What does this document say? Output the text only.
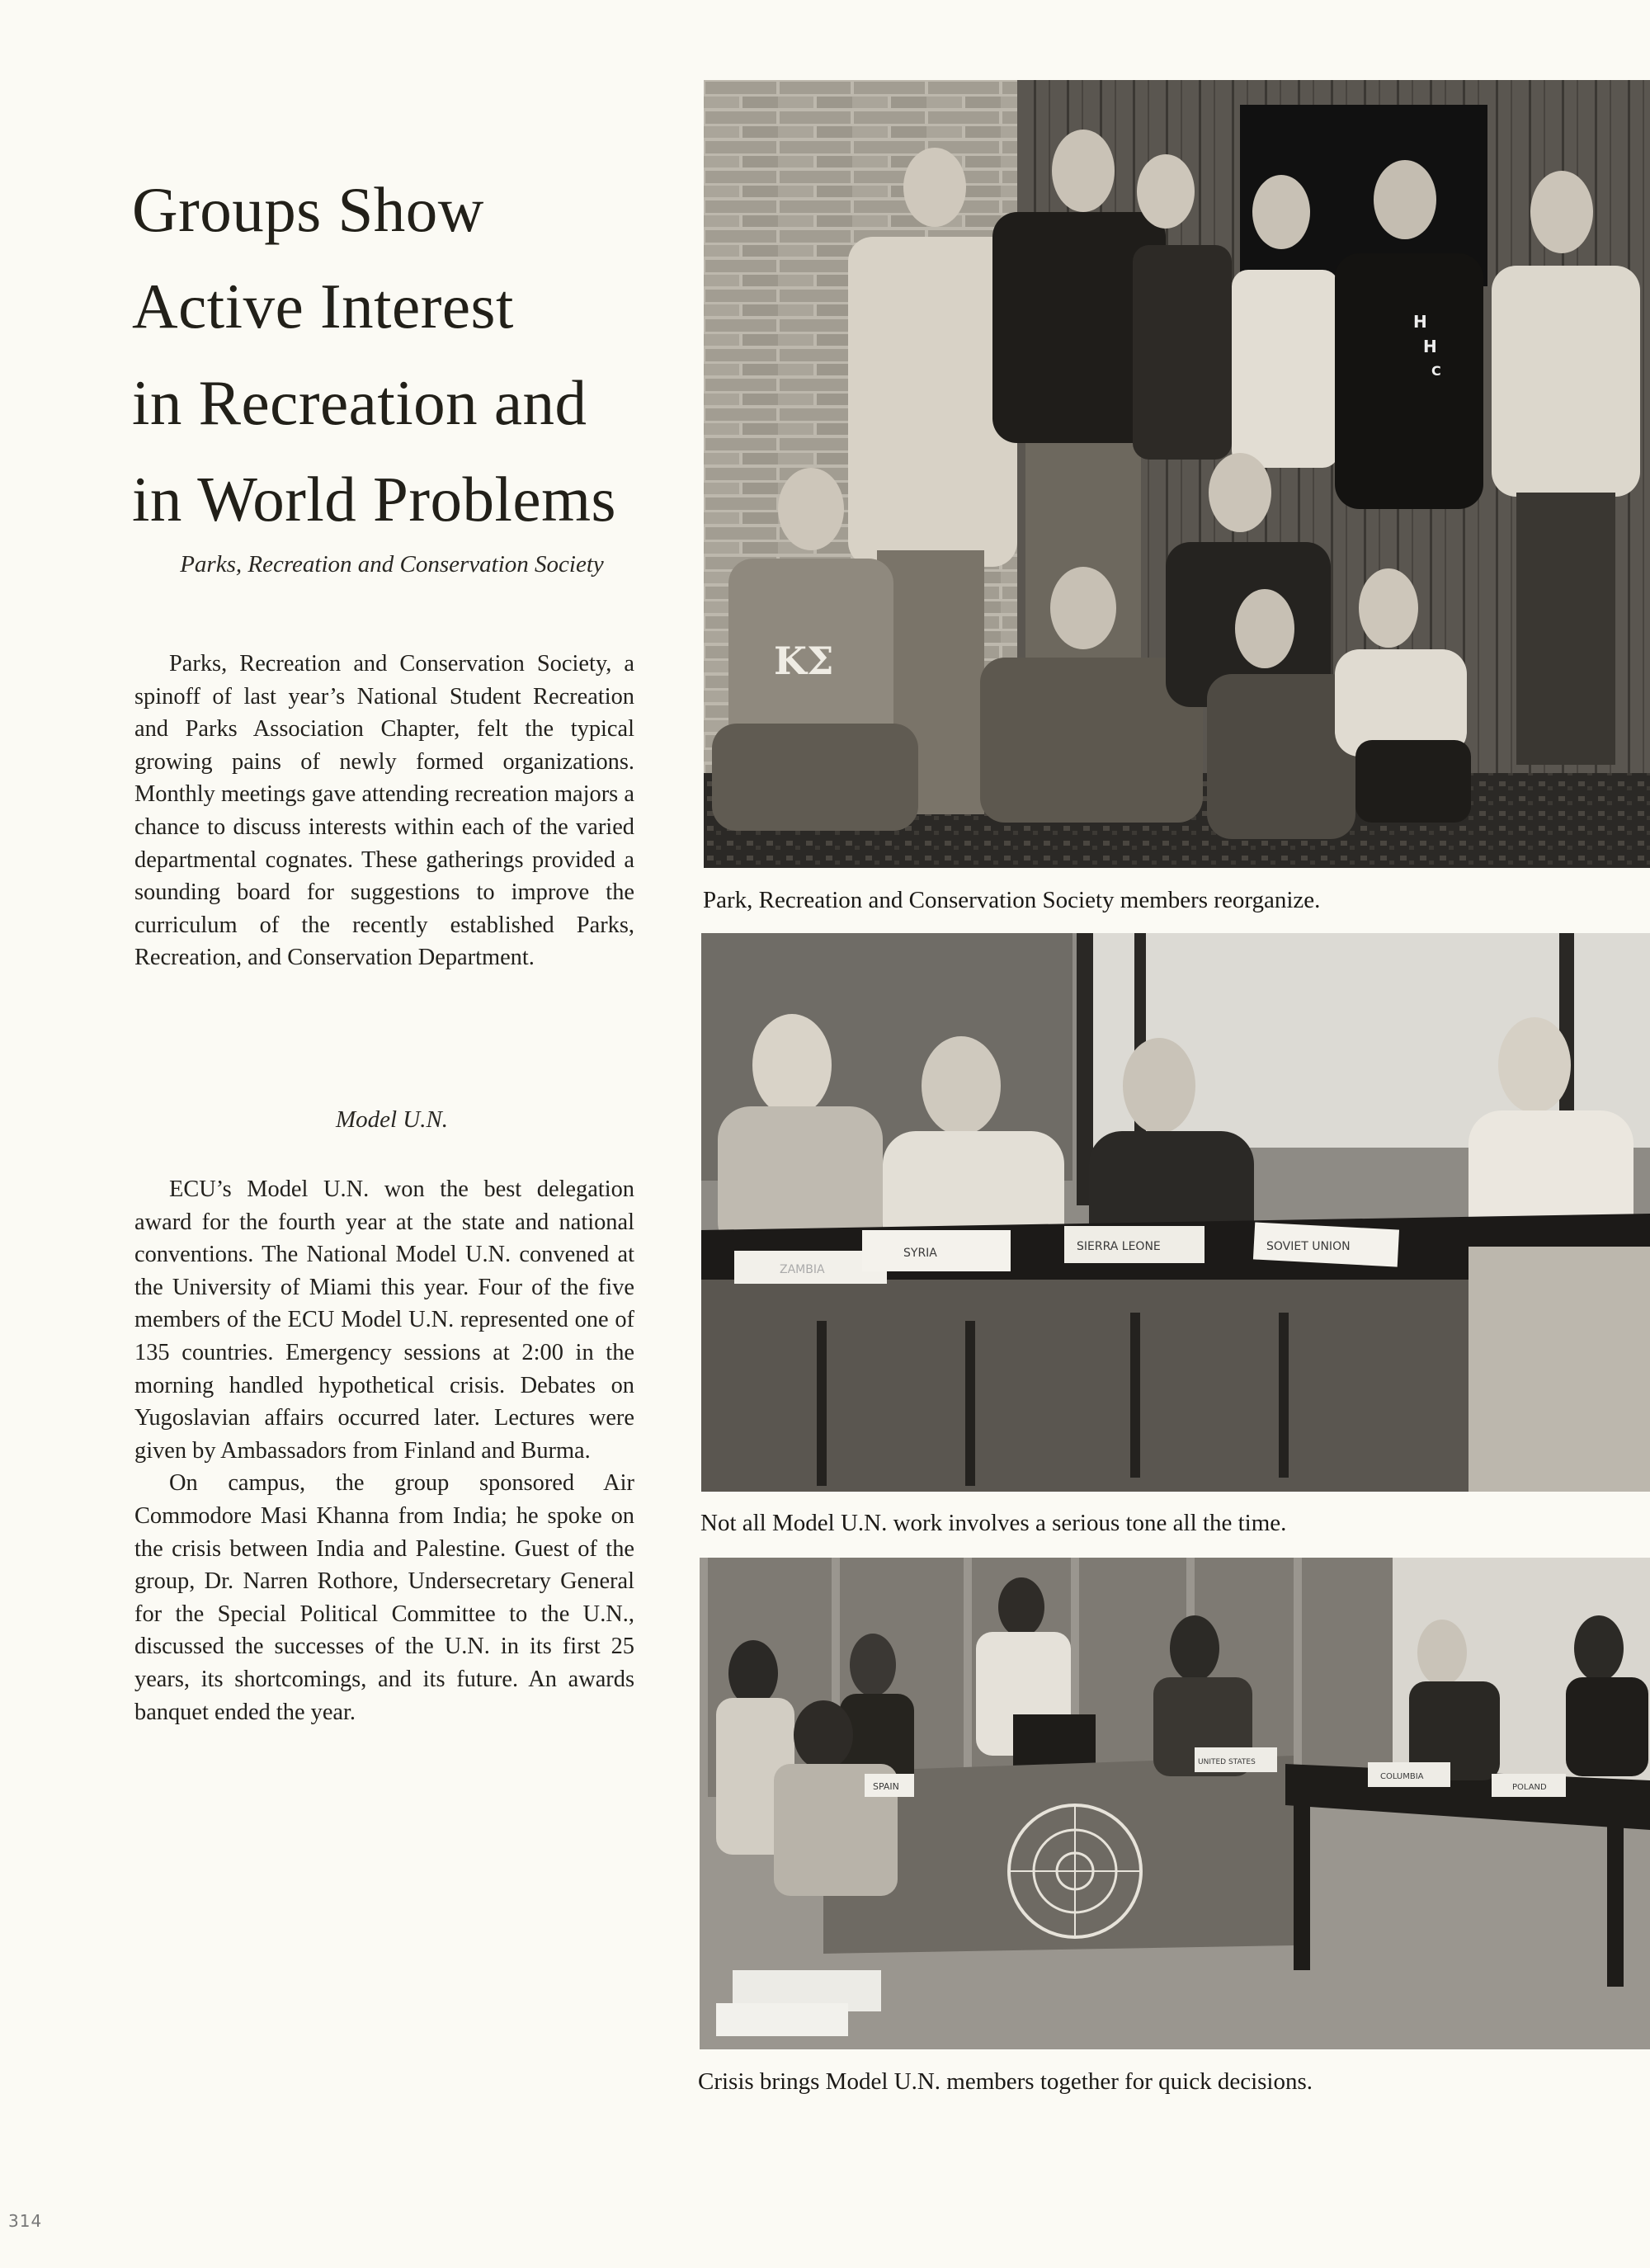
Groups Show
Active Interest
in Recreation and
in World Problems
Parks, Recreation and Conservation Society

Parks, Recreation and Conservation Society, a spinoff of last year’s National Student Recreation and Parks Association Chapter, felt the typical growing pains of newly formed organizations. Monthly meetings gave attending recreation majors a chance to discuss interests within each of the varied departmental cognates. These gatherings provided a sounding board for suggestions to improve the curriculum of the recently established Parks, Recreation, and Conservation Department.

Model U.N.

ECU’s Model U.N. won the best delegation award for the fourth year at the state and national conventions. The National Model U.N. convened at the University of Miami this year. Four of the five members of the ECU Model U.N. represented one of 135 countries. Emergency sessions at 2:00 in the morning handled hypothetical crisis. Debates on Yugoslavian affairs occurred later. Lectures were given by Ambassadors from Finland and Burma.

On campus, the group sponsored Air Commodore Masi Khanna from India; he spoke on the crisis between India and Palestine. Guest of the group, Dr. Narren Rothore, Undersecretary General for the Special Political Committee to the U.N., discussed the successes of the U.N. in its first 25 years, its shortcomings, and its future. An awards banquet ended the year.

H
H
C
ΚΣ
Park, Recreation and Conservation Society members reorganize.
ZAMBIA
SYRIA	SIERRA LEONE	SOVIET UNION
Not all Model U.N. work involves a serious tone all the time.
SPAIN
UNITED STATES
COLUMBIA
POLAND
Crisis brings Model U.N. members together for quick decisions.
314
